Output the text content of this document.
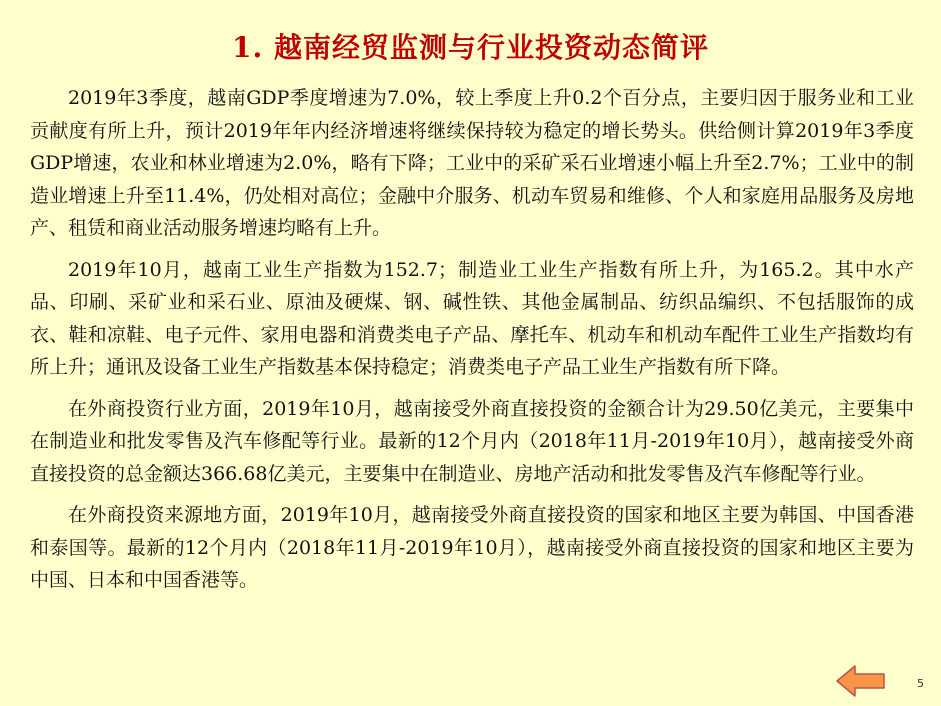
1. 越南经贸监测与行业投资动态简评

2019年3季度，越南GDP季度增速为7.0%，较上季度上升0.2个百分点，主要归因于服务业和工业贡献度有所上升，预计2019年年内经济增速将继续保持较为稳定的增长势头。供给侧计算2019年3季度GDP增速，农业和林业增速为2.0%，略有下降；工业中的采矿采石业增速小幅上升至2.7%；工业中的制造业增速上升至11.4%，仍处相对高位；金融中介服务、机动车贸易和维修、个人和家庭用品服务及房地产、租赁和商业活动服务增速均略有上升。

2019年10月，越南工业生产指数为152.7；制造业工业生产指数有所上升，为165.2。其中水产品、印刷、采矿业和采石业、原油及硬煤、钢、碱性铁、其他金属制品、纺织品编织、不包括服饰的成衣、鞋和凉鞋、电子元件、家用电器和消费类电子产品、摩托车、机动车和机动车配件工业生产指数均有所上升；通讯及设备工业生产指数基本保持稳定；消费类电子产品工业生产指数有所下降。

在外商投资行业方面，2019年10月，越南接受外商直接投资的金额合计为29.50亿美元，主要集中在制造业和批发零售及汽车修配等行业。最新的12个月内（2018年11月-2019年10月），越南接受外商直接投资的总金额达366.68亿美元，主要集中在制造业、房地产活动和批发零售及汽车修配等行业。

在外商投资来源地方面，2019年10月，越南接受外商直接投资的国家和地区主要为韩国、中国香港和泰国等。最新的12个月内（2018年11月-2019年10月），越南接受外商直接投资的国家和地区主要为中国、日本和中国香港等。

5
